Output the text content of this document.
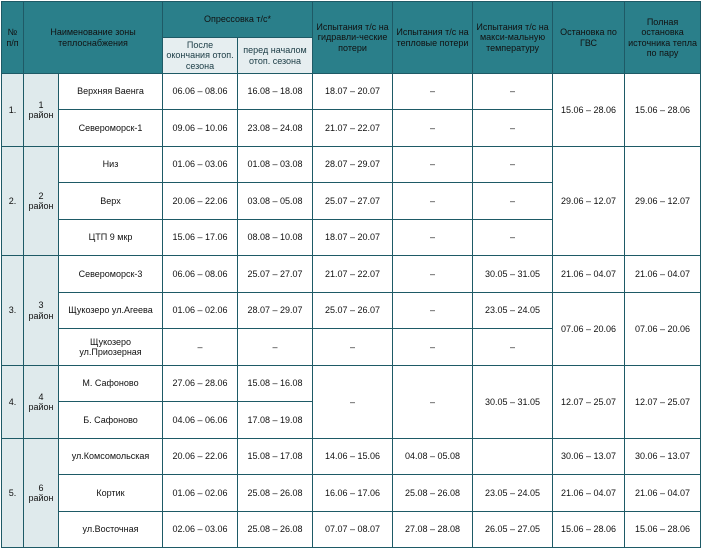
№ п/п	Наименование зоны теплоснабжения		Опрессовка т/с*		Испытания т/с на гидравли-ческие потери	Испытания т/с на тепловые потери	Испытания т/с на макси-мальную температуру	Остановка по ГВС	Полная остановка источника тепла по пару
			После окончания отоп. сезона	перед началом отоп. сезона					
1.	1 район	Верхняя Ваенга	06.06 – 08.06	16.08 – 18.08	18.07 – 20.07	–	–	15.06 – 28.06	15.06 – 28.06
		Североморск-1	09.06 – 10.06	23.08 – 24.08	21.07 – 22.07	–	–		
2.	2 район	Низ	01.06 – 03.06	01.08 – 03.08	28.07 – 29.07	–	–	29.06 – 12.07	29.06 – 12.07
		Верх	20.06 – 22.06	03.08 – 05.08	25.07 – 27.07	–	–		
		ЦТП 9 мкр	15.06 – 17.06	08.08 – 10.08	18.07 – 20.07	–	–		
3.	3 район	Североморск-3	06.06 – 08.06	25.07 – 27.07	21.07 – 22.07	–	30.05 – 31.05	21.06 – 04.07	21.06 – 04.07
		Щукозеро ул.Агеева	01.06 – 02.06	28.07 – 29.07	25.07 – 26.07	–	23.05 – 24.05	07.06 – 20.06	07.06 – 20.06
		Щукозеро ул.Приозерная	–	–	–	–	–		
4.	4 район	М. Сафоново	27.06 – 28.06	15.08 – 16.08	–	–	30.05 – 31.05	12.07 – 25.07	12.07 – 25.07
		Б. Сафоново	04.06 – 06.06	17.08 – 19.08					
5.	6 район	ул.Комсомольская	20.06 – 22.06	15.08 – 17.08	14.06 – 15.06	04.08 – 05.08		30.06 – 13.07	30.06 – 13.07
		Кортик	01.06 – 02.06	25.08 – 26.08	16.06 – 17.06	25.08 – 26.08	23.05 – 24.05	21.06 – 04.07	21.06 – 04.07
		ул.Восточная	02.06 – 03.06	25.08 – 26.08	07.07 – 08.07	27.08 – 28.08	26.05 – 27.05	15.06 – 28.06	15.06 – 28.06
